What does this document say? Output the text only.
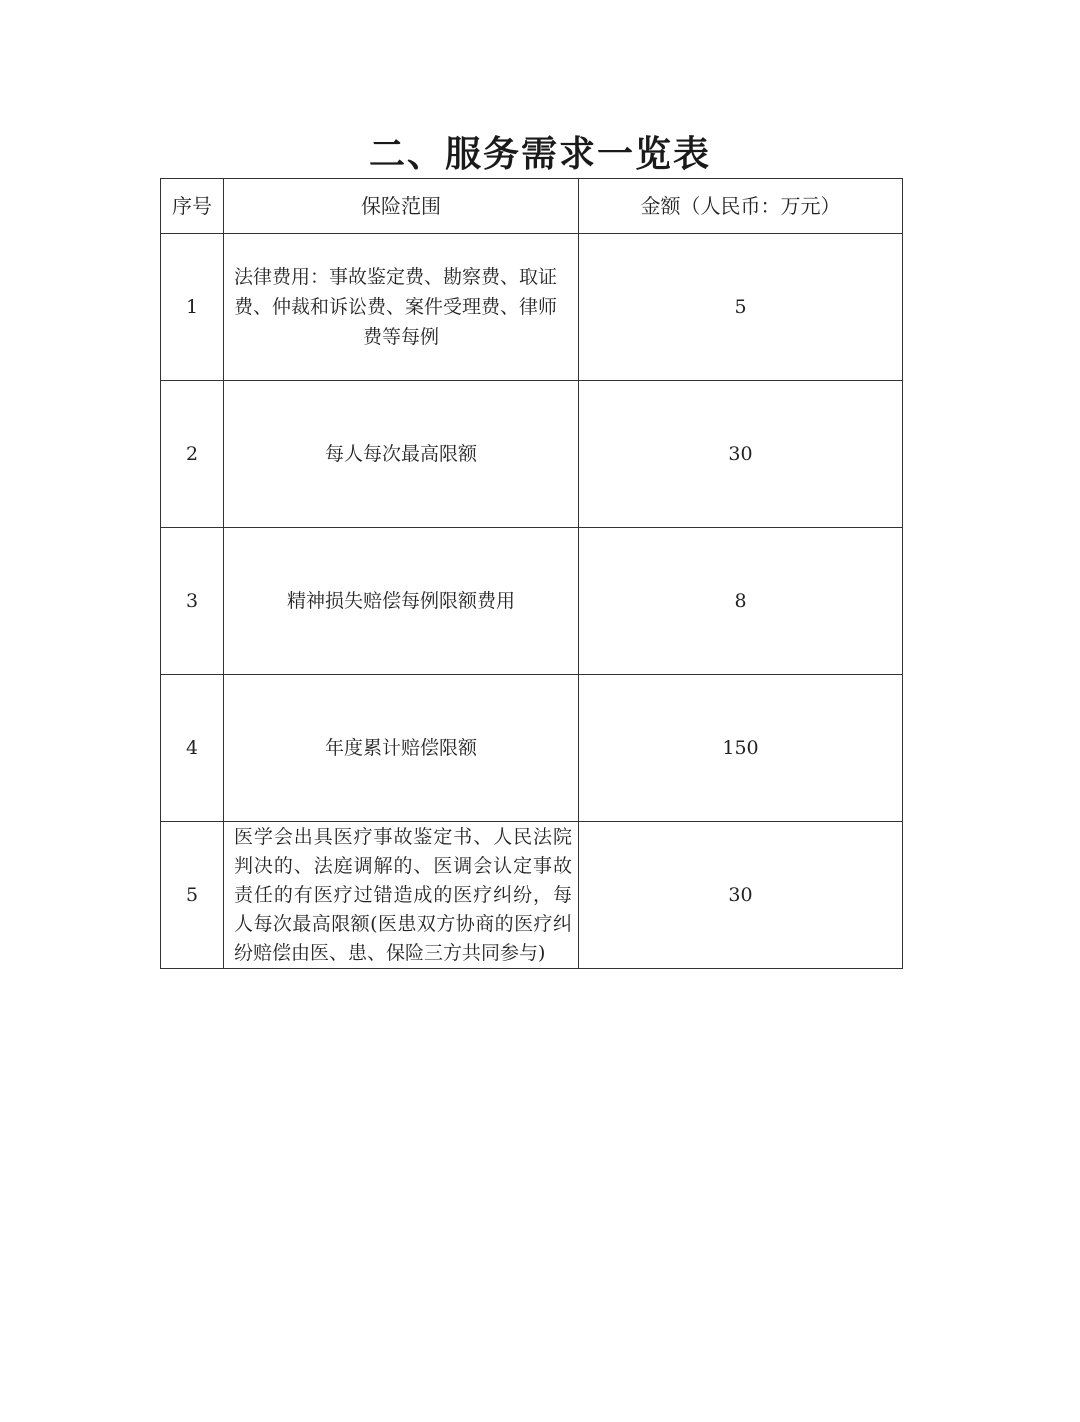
二、服务需求一览表
序号	保险范围	金额（人民币：万元）
1	法律费用：事故鉴定费、勘察费、取证费、仲裁和诉讼费、案件受理费、律师费等每例	5
2	每人每次最高限额	30
3	精神损失赔偿每例限额费用	8
4	年度累计赔偿限额	150
5	医学会出具医疗事故鉴定书、人民法院判决的、法庭调解的、医调会认定事故责任的有医疗过错造成的医疗纠纷，每人每次最高限额(医患双方协商的医疗纠纷赔偿由医、患、保险三方共同参与)	30
